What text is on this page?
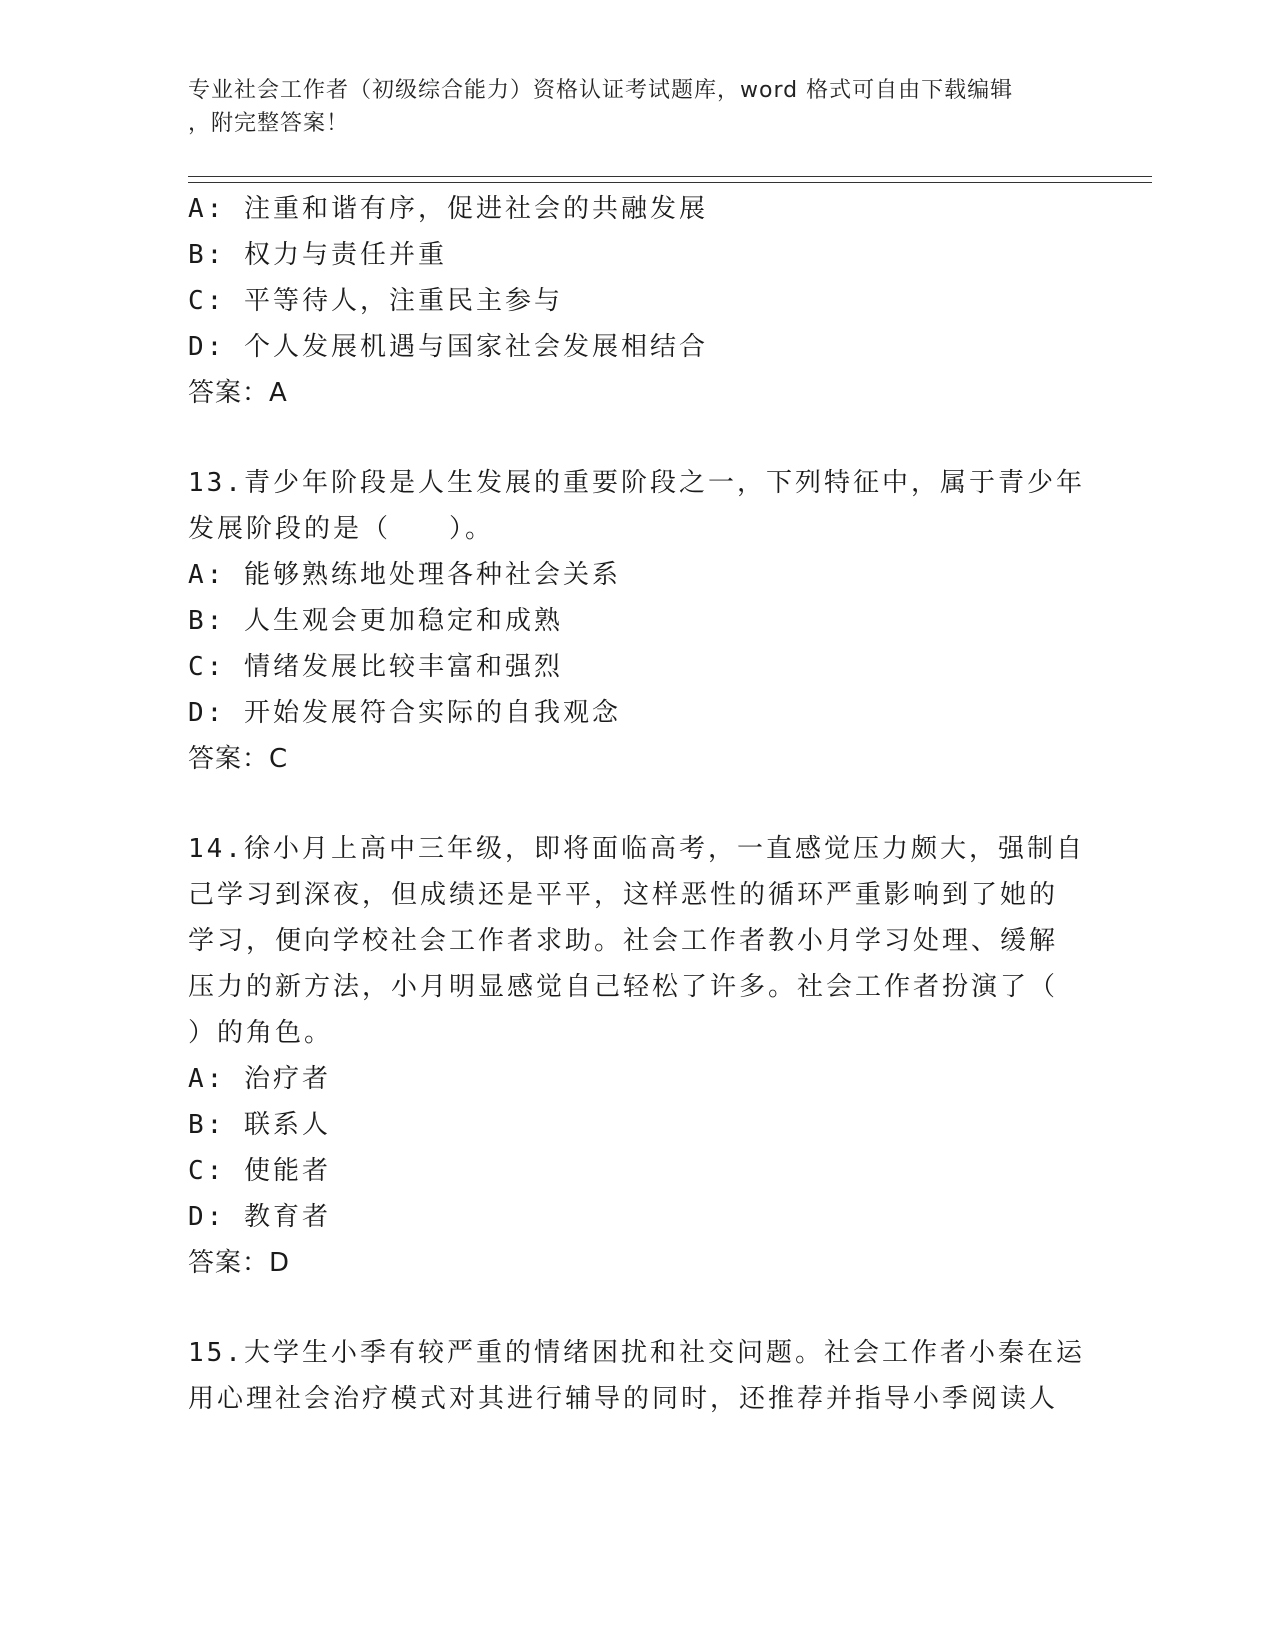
专业社会工作者（初级综合能力）资格认证考试题库，word 格式可自由下载编辑
，附完整答案！
A: 注重和谐有序，促进社会的共融发展
B: 权力与责任并重
C: 平等待人，注重民主参与
D: 个人发展机遇与国家社会发展相结合
答案：A
13.青少年阶段是人生发展的重要阶段之一，下列特征中，属于青少年
发展阶段的是（　　）。
A: 能够熟练地处理各种社会关系
B: 人生观会更加稳定和成熟
C: 情绪发展比较丰富和强烈
D: 开始发展符合实际的自我观念
答案：C
14.徐小月上高中三年级，即将面临高考，一直感觉压力颇大，强制自
己学习到深夜，但成绩还是平平，这样恶性的循环严重影响到了她的
学习，便向学校社会工作者求助。社会工作者教小月学习处理、缓解
压力的新方法，小月明显感觉自己轻松了许多。社会工作者扮演了（
）的角色。
A: 治疗者
B: 联系人
C: 使能者
D: 教育者
答案：D
15.大学生小季有较严重的情绪困扰和社交问题。社会工作者小秦在运
用心理社会治疗模式对其进行辅导的同时，还推荐并指导小季阅读人
